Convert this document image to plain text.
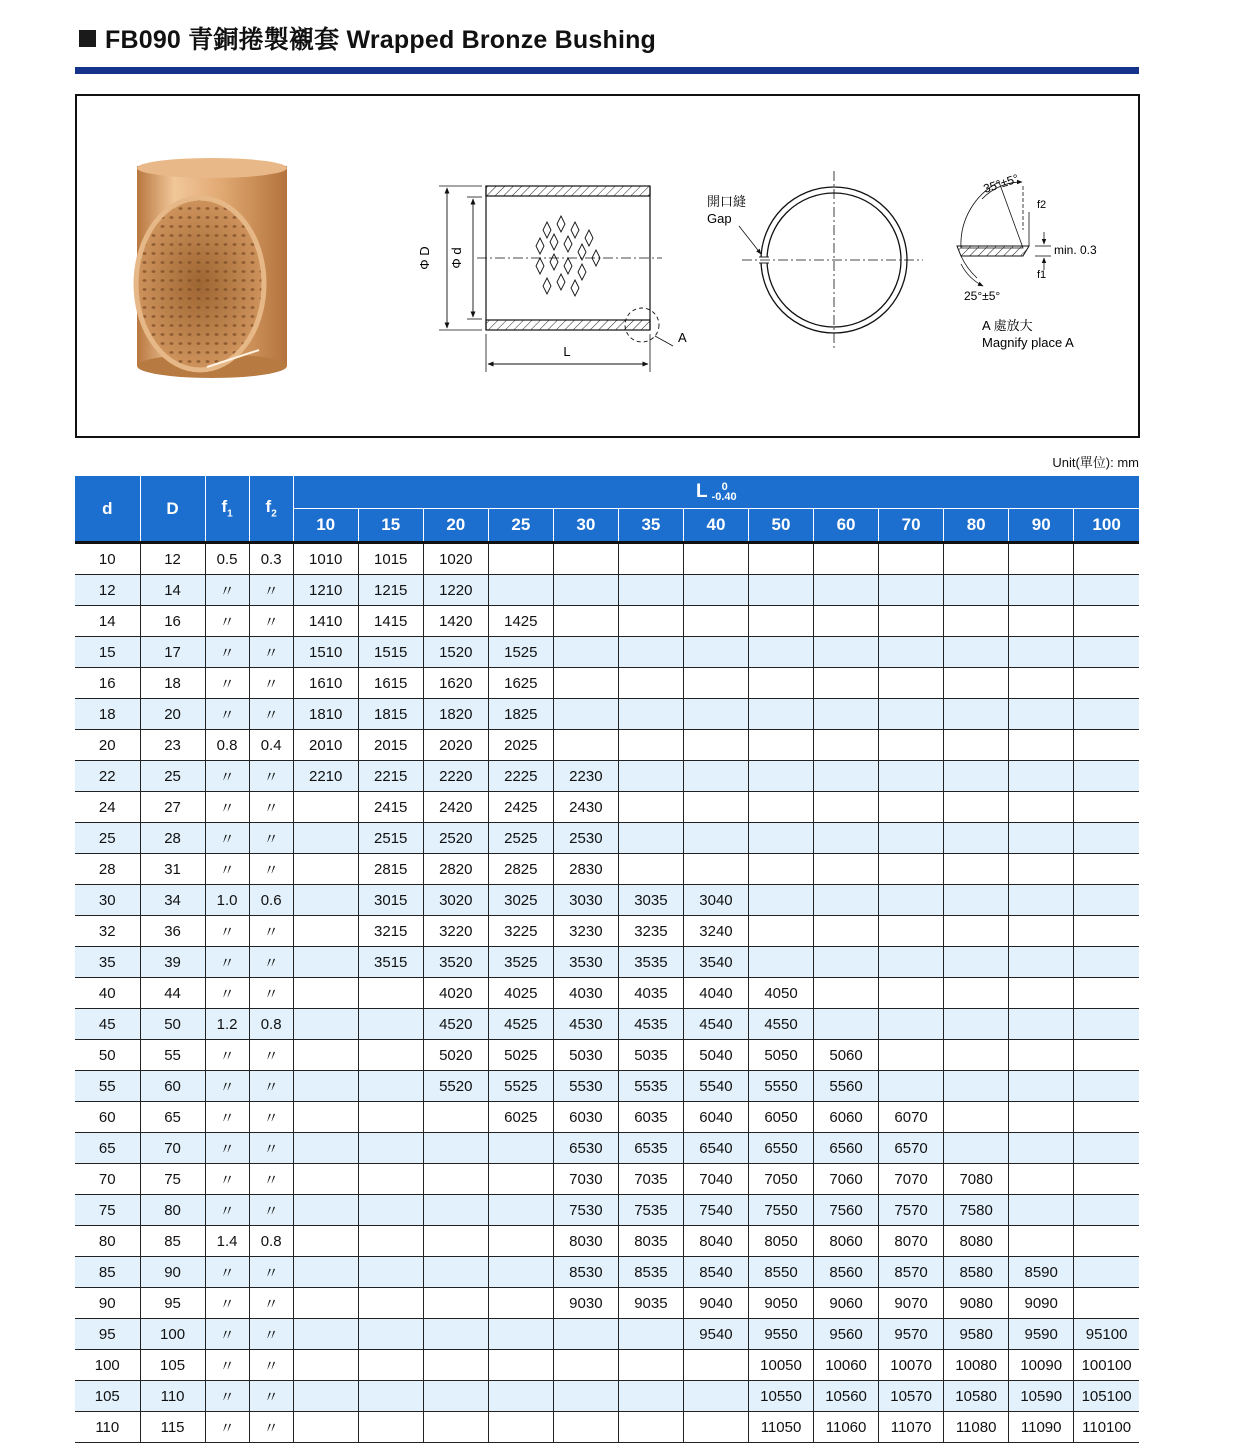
FB090 青銅捲製襯套 Wrapped Bronze Bushing
Φ D Φ d
L
A
開口縫
Gap
min. 0.3
f2
f1
35°±5°
25°±5°
A 處放大
Magnify place A
Unit(單位): mm
d	D	$f_1$	$f_2$	L 0
-0.40												

				10	15	20	25	30	35	40	50	60	70	80	90	100
10	12	0.5	0.3	1010	1015	1020										
12	14	〃	〃	1210	1215	1220										
14	16	〃	〃	1410	1415	1420	1425									
15	17	〃	〃	1510	1515	1520	1525									
16	18	〃	〃	1610	1615	1620	1625									
18	20	〃	〃	1810	1815	1820	1825									
20	23	0.8	0.4	2010	2015	2020	2025									
22	25	〃	〃	2210	2215	2220	2225	2230								
24	27	〃	〃		2415	2420	2425	2430								
25	28	〃	〃		2515	2520	2525	2530								
28	31	〃	〃		2815	2820	2825	2830								
30	34	1.0	0.6		3015	3020	3025	3030	3035	3040						
32	36	〃	〃		3215	3220	3225	3230	3235	3240						
35	39	〃	〃		3515	3520	3525	3530	3535	3540						
40	44	〃	〃			4020	4025	4030	4035	4040	4050					
45	50	1.2	0.8			4520	4525	4530	4535	4540	4550					
50	55	〃	〃			5020	5025	5030	5035	5040	5050	5060				
55	60	〃	〃			5520	5525	5530	5535	5540	5550	5560				
60	65	〃	〃				6025	6030	6035	6040	6050	6060	6070			
65	70	〃	〃					6530	6535	6540	6550	6560	6570			
70	75	〃	〃					7030	7035	7040	7050	7060	7070	7080		
75	80	〃	〃					7530	7535	7540	7550	7560	7570	7580		
80	85	1.4	0.8					8030	8035	8040	8050	8060	8070	8080		
85	90	〃	〃					8530	8535	8540	8550	8560	8570	8580	8590	
90	95	〃	〃					9030	9035	9040	9050	9060	9070	9080	9090	
95	100	〃	〃							9540	9550	9560	9570	9580	9590	95100
100	105	〃	〃								10050	10060	10070	10080	10090	100100
105	110	〃	〃								10550	10560	10570	10580	10590	105100
110	115	〃	〃								11050	11060	11070	11080	11090	110100
